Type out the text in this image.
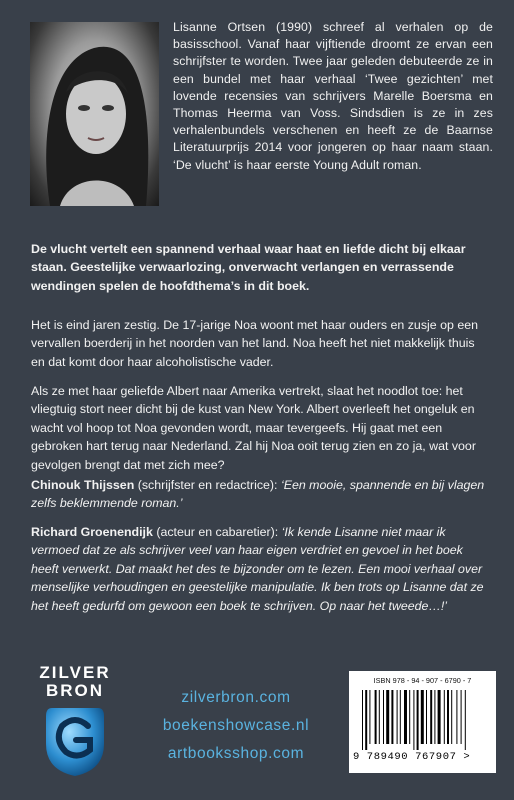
Lisanne Ortsen (1990) schreef al verhalen op de basisschool. Vanaf haar vijftiende droomt ze ervan een schrijfster te worden. Twee jaar geleden debuteerde ze in een bundel met haar verhaal ‘Twee gezichten’ met lovende recensies van schrijvers Marelle Boersma en Thomas Heerma van Voss. Sindsdien is ze in zes verhalenbundels verschenen en heeft ze de Baarnse Literatuurprijs 2014 voor jongeren op haar naam staan. ‘De vlucht’ is haar eerste Young Adult roman.
De vlucht vertelt een spannend verhaal waar haat en liefde dicht bij elkaar staan. Geestelijke verwaarlozing, onverwacht verlangen en verrassende wendingen spelen de hoofdthema’s in dit boek.
Het is eind jaren zestig. De 17-jarige Noa woont met haar ouders en zusje op een vervallen boerderij in het noorden van het land. Noa heeft het niet makkelijk thuis en dat komt door haar alcoholistische vader.
Als ze met haar geliefde Albert naar Amerika vertrekt, slaat het noodlot toe: het vliegtuig stort neer dicht bij de kust van New York. Albert overleeft het ongeluk en wacht vol hoop tot Noa gevonden wordt, maar tevergeefs. Hij gaat met een gebroken hart terug naar Nederland. Zal hij Noa ooit terug zien en zo ja, wat voor gevolgen brengt dat met zich mee?
Chinouk Thijssen (schrijfster en redactrice): ‘Een mooie, spannende en bij vlagen zelfs beklemmende roman.’
Richard Groenendijk (acteur en cabaretier): ‘Ik kende Lisanne niet maar ik vermoed dat ze als schrijver veel van haar eigen verdriet en gevoel in het boek heeft verwerkt. Dat maakt het des te bijzonder om te lezen. Een mooi verhaal over menselijke verhoudingen en geestelijke manipulatie. Ik ben trots op Lisanne dat ze het heeft gedurfd om gewoon een boek te schrijven. Op naar het tweede…!’
ZILVER
BRON	zilverbron.com
boekenshowcase.nl
artbooksshop.com
ISBN 978 - 94 - 907 - 6790 - 7
9 789490 767907 >
